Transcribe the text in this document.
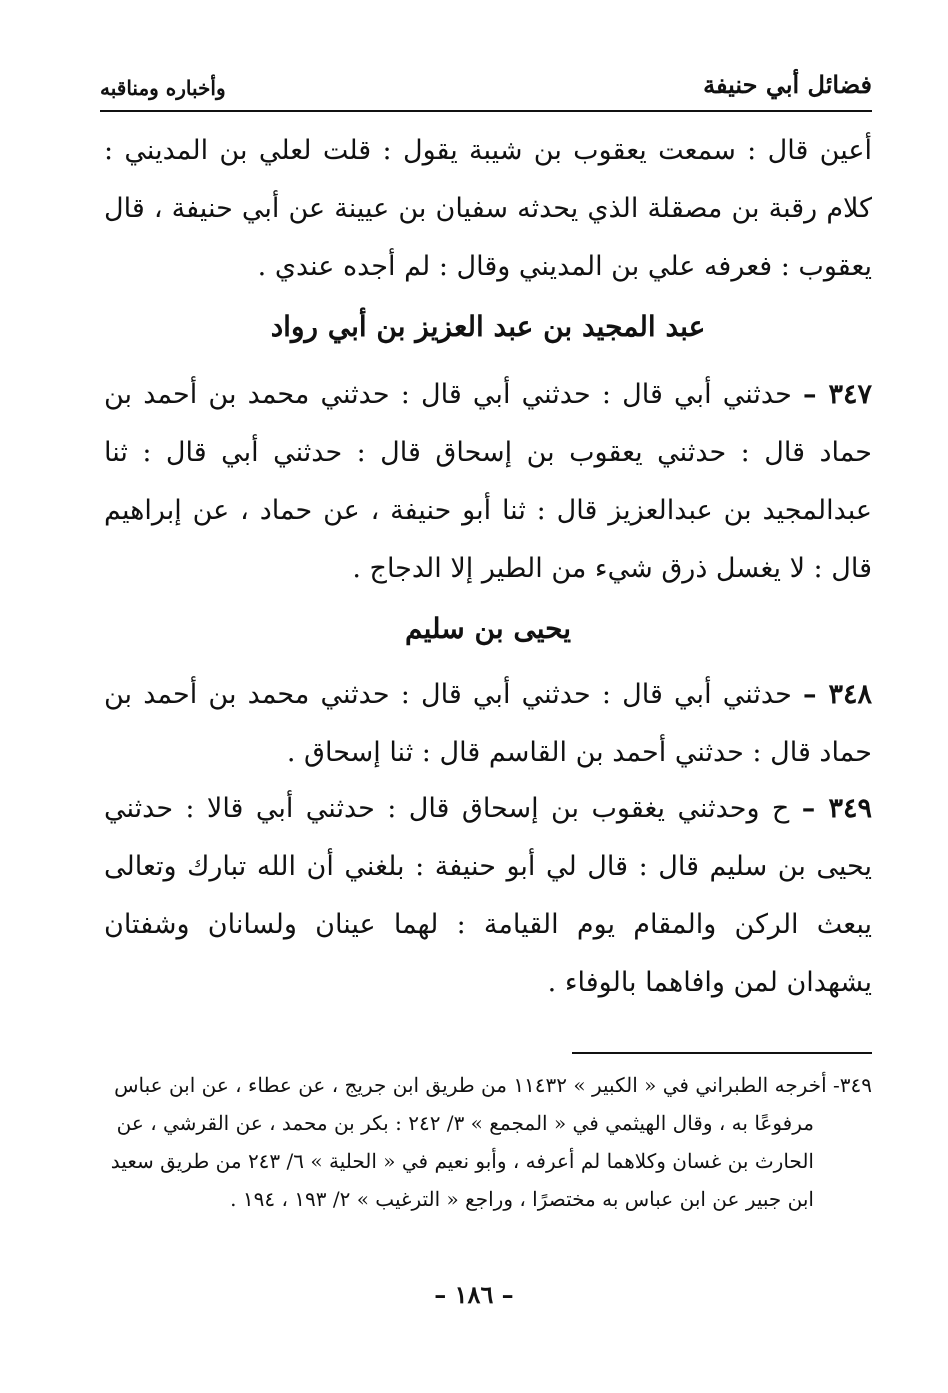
فضائل أبي حنيفة
وأخباره ومناقبه
أعين قال : سمعت يعقوب بن شيبة يقول : قلت لعلي بن المديني : كلام رقبة بن مصقلة الذي يحدثه سفيان بن عيينة عن أبي حنيفة ، قال يعقوب : فعرفه علي بن المديني وقال : لم أجده عندي .
عبد المجيد بن عبد العزيز بن أبي رواد
٣٤٧ – حدثني أبي قال : حدثني أبي قال : حدثني محمد بن أحمد بن حماد قال : حدثني يعقوب بن إسحاق قال : حدثني أبي قال : ثنا عبدالمجيد بن عبدالعزيز قال : ثنا أبو حنيفة ، عن حماد ، عن إبراهيم قال : لا يغسل ذرق شيء من الطير إلا الدجاج .
يحيى بن سليم
٣٤٨ – حدثني أبي قال : حدثني أبي قال : حدثني محمد بن أحمد بن حماد قال : حدثني أحمد بن القاسم قال : ثنا إسحاق .
٣٤٩ – ح وحدثني يغقوب بن إسحاق قال : حدثني أبي قالا : حدثني يحيى بن سليم قال : قال لي أبو حنيفة : بلغني أن الله تبارك وتعالى يبعث الركن والمقام يوم القيامة : لهما عينان ولسانان وشفتان يشهدان لمن وافاهما بالوفاء .
٣٤٩- أخرجه الطبراني في « الكبير » ١١٤٣٢ من طريق ابن جريج ، عن عطاء ، عن ابن عباس
مرفوعًا به ، وقال الهيثمي في « المجمع » ٣/ ٢٤٢ : بكر بن محمد ، عن القرشي ، عن
الحارث بن غسان وكلاهما لم أعرفه ، وأبو نعيم في « الحلية » ٦/ ٢٤٣ من طريق سعيد
ابن جبير عن ابن عباس به مختصرًا ، وراجع « الترغيب » ٢/ ١٩٣ ، ١٩٤ .
– ١٨٦ –
